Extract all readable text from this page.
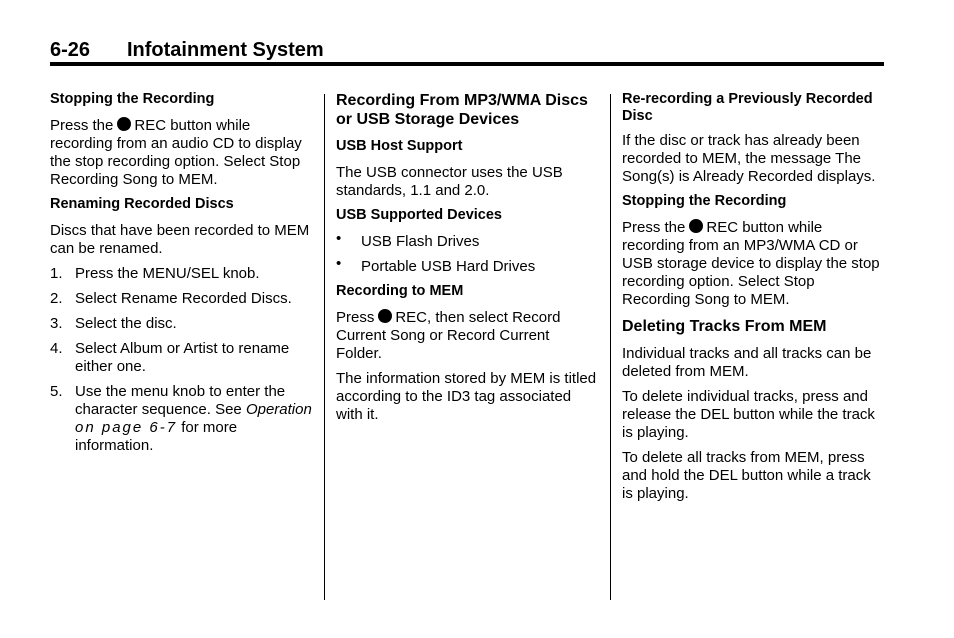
6-26 Infotainment System
Stopping the Recording

Press the REC button while recording from an audio CD to display the stop recording option. Select Stop Recording Song to MEM.

Renaming Recorded Discs

Discs that have been recorded to MEM can be renamed.

1. Press the MENU/SEL knob.
2. Select Rename Recorded Discs.
3. Select the disc.
4. Select Album or Artist to rename either one.
5. Use the menu knob to enter the character sequence. See Operation on page 6-7 for more information.
Recording From MP3/WMA Discs or USB Storage Devices
USB Host Support

The USB connector uses the USB standards, 1.1 and 2.0.

USB Supported Devices
• USB Flash Drives
• Portable USB Hard Drives
Recording to MEM

Press REC, then select Record Current Song or Record Current Folder.

The information stored by MEM is titled according to the ID3 tag associated with it.

Re-recording a Previously Recorded Disc

If the disc or track has already been recorded to MEM, the message The Song(s) is Already Recorded displays.

Stopping the Recording

Press the REC button while recording from an MP3/WMA CD or USB storage device to display the stop recording option. Select Stop Recording Song to MEM.

Deleting Tracks From MEM

Individual tracks and all tracks can be deleted from MEM.

To delete individual tracks, press and release the DEL button while the track is playing.

To delete all tracks from MEM, press and hold the DEL button while a track is playing.
